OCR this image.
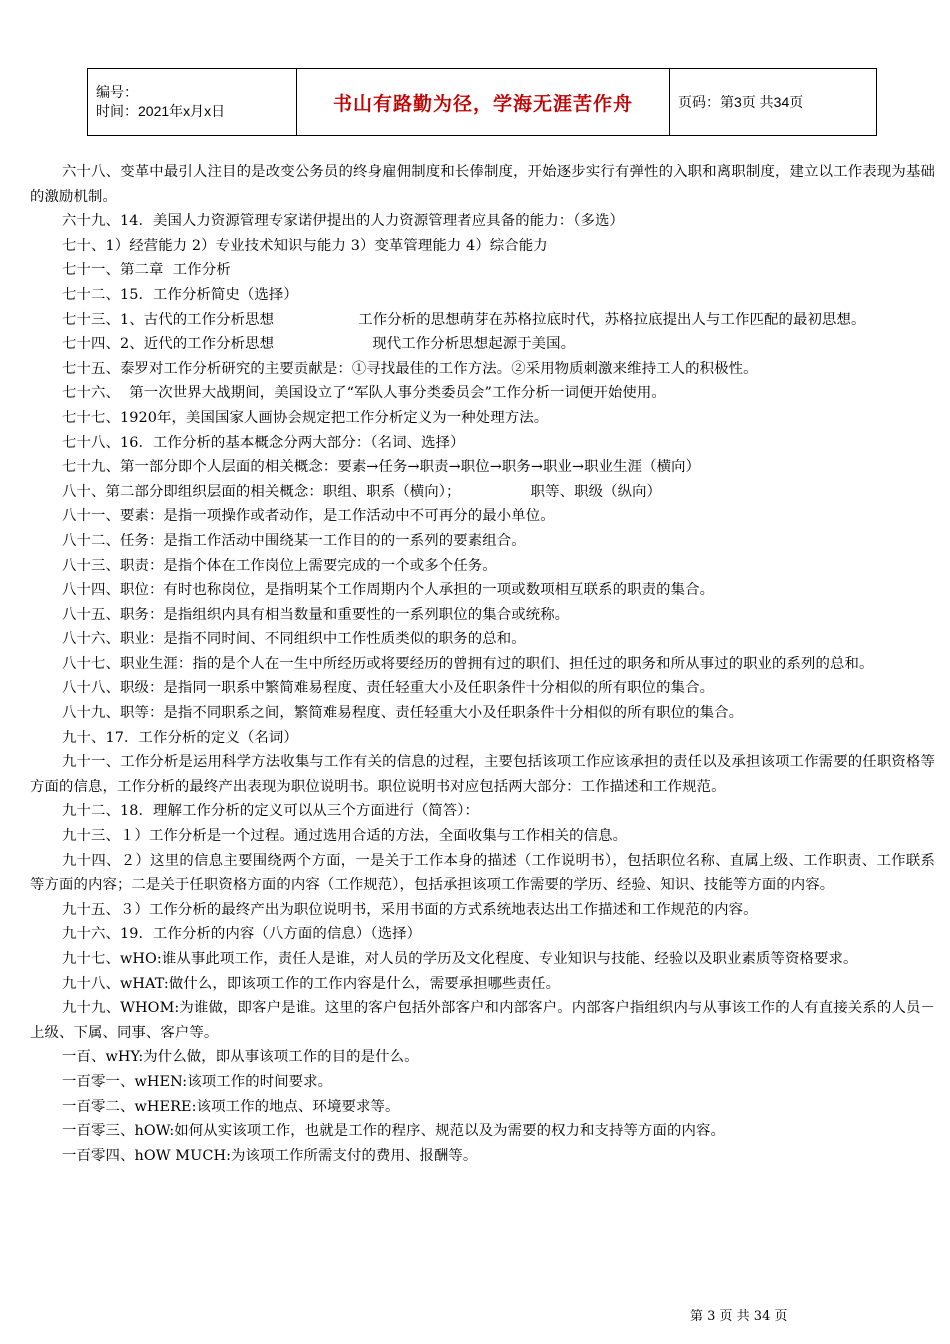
编号：
时间：2021年x月x日	书山有路勤为径，学海无涯苦作舟	页码：第3页 共34页

六十八、变革中最引人注目的是改变公务员的终身雇佣制度和长俸制度，开始逐步实行有弹性的入职和离职制度，建立以工作表现为基础的激励机制。

六十九、14．美国人力资源管理专家诺伊提出的人力资源管理者应具备的能力：（多选）

七十、1）经营能力 2）专业技术知识与能力 3）变革管理能力 4）综合能力

七十一、第二章  工作分析

七十二、15．工作分析简史（选择）

七十三、1、古代的工作分析思想                  工作分析的思想萌芽在苏格拉底时代，苏格拉底提出人与工作匹配的最初思想。

七十四、2、近代的工作分析思想                     现代工作分析思想起源于美国。

七十五、泰罗对工作分析研究的主要贡献是：①寻找最佳的工作方法。②采用物质刺激来维持工人的积极性。

七十六、  第一次世界大战期间，美国设立了“军队人事分类委员会”工作分析一词便开始使用。

七十七、1920年，美国国家人画协会规定把工作分析定义为一种处理方法。

七十八、16．工作分析的基本概念分两大部分：（名词、选择）

七十九、第一部分即个人层面的相关概念：要素→任务→职责→职位→职务→职业→职业生涯（横向）

八十、第二部分即组织层面的相关概念：职组、职系（横向）；               职等、职级（纵向）

八十一、要素：是指一项操作或者动作，是工作活动中不可再分的最小单位。

八十二、任务：是指工作活动中围绕某一工作目的的一系列的要素组合。

八十三、职责：是指个体在工作岗位上需要完成的一个或多个任务。

八十四、职位：有时也称岗位，是指明某个工作周期内个人承担的一项或数项相互联系的职责的集合。

八十五、职务：是指组织内具有相当数量和重要性的一系列职位的集合或统称。

八十六、职业：是指不同时间、不同组织中工作性质类似的职务的总和。

八十七、职业生涯：指的是个人在一生中所经历或将要经历的曾拥有过的职们、担任过的职务和所从事过的职业的系列的总和。

八十八、职级：是指同一职系中繁简难易程度、责任轻重大小及任职条件十分相似的所有职位的集合。

八十九、职等：是指不同职系之间，繁简难易程度、责任轻重大小及任职条件十分相似的所有职位的集合。

九十、17．工作分析的定义（名词）

九十一、工作分析是运用科学方法收集与工作有关的信息的过程，主要包括该项工作应该承担的责任以及承担该项工作需要的任职资格等方面的信息，工作分析的最终产出表现为职位说明书。职位说明书对应包括两大部分：工作描述和工作规范。

九十二、18．理解工作分析的定义可以从三个方面进行（简答）：

九十三、１）工作分析是一个过程。通过选用合适的方法，全面收集与工作相关的信息。

九十四、２）这里的信息主要围绕两个方面，一是关于工作本身的描述（工作说明书），包括职位名称、直属上级、工作职责、工作联系等方面的内容；二是关于任职资格方面的内容（工作规范），包括承担该项工作需要的学历、经验、知识、技能等方面的内容。

九十五、３）工作分析的最终产出为职位说明书，采用书面的方式系统地表达出工作描述和工作规范的内容。

九十六、19．工作分析的内容（八方面的信息）（选择）

九十七、wHO:谁从事此项工作，责任人是谁，对人员的学历及文化程度、专业知识与技能、经验以及职业素质等资格要求。

九十八、wHAT:做什么，即该项工作的工作内容是什么，需要承担哪些责任。

九十九、WHOM:为谁做，即客户是谁。这里的客户包括外部客户和内部客户。内部客户指组织内与从事该工作的人有直接关系的人员－上级、下属、同事、客户等。

一百、wHY:为什么做，即从事该项工作的目的是什么。

一百零一、wHEN:该项工作的时间要求。

一百零二、wHERE:该项工作的地点、环境要求等。

一百零三、hOW:如何从实该项工作，也就是工作的程序、规范以及为需要的权力和支持等方面的内容。

一百零四、hOW MUCH:为该项工作所需支付的费用、报酬等。

第 3 页 共 34 页
